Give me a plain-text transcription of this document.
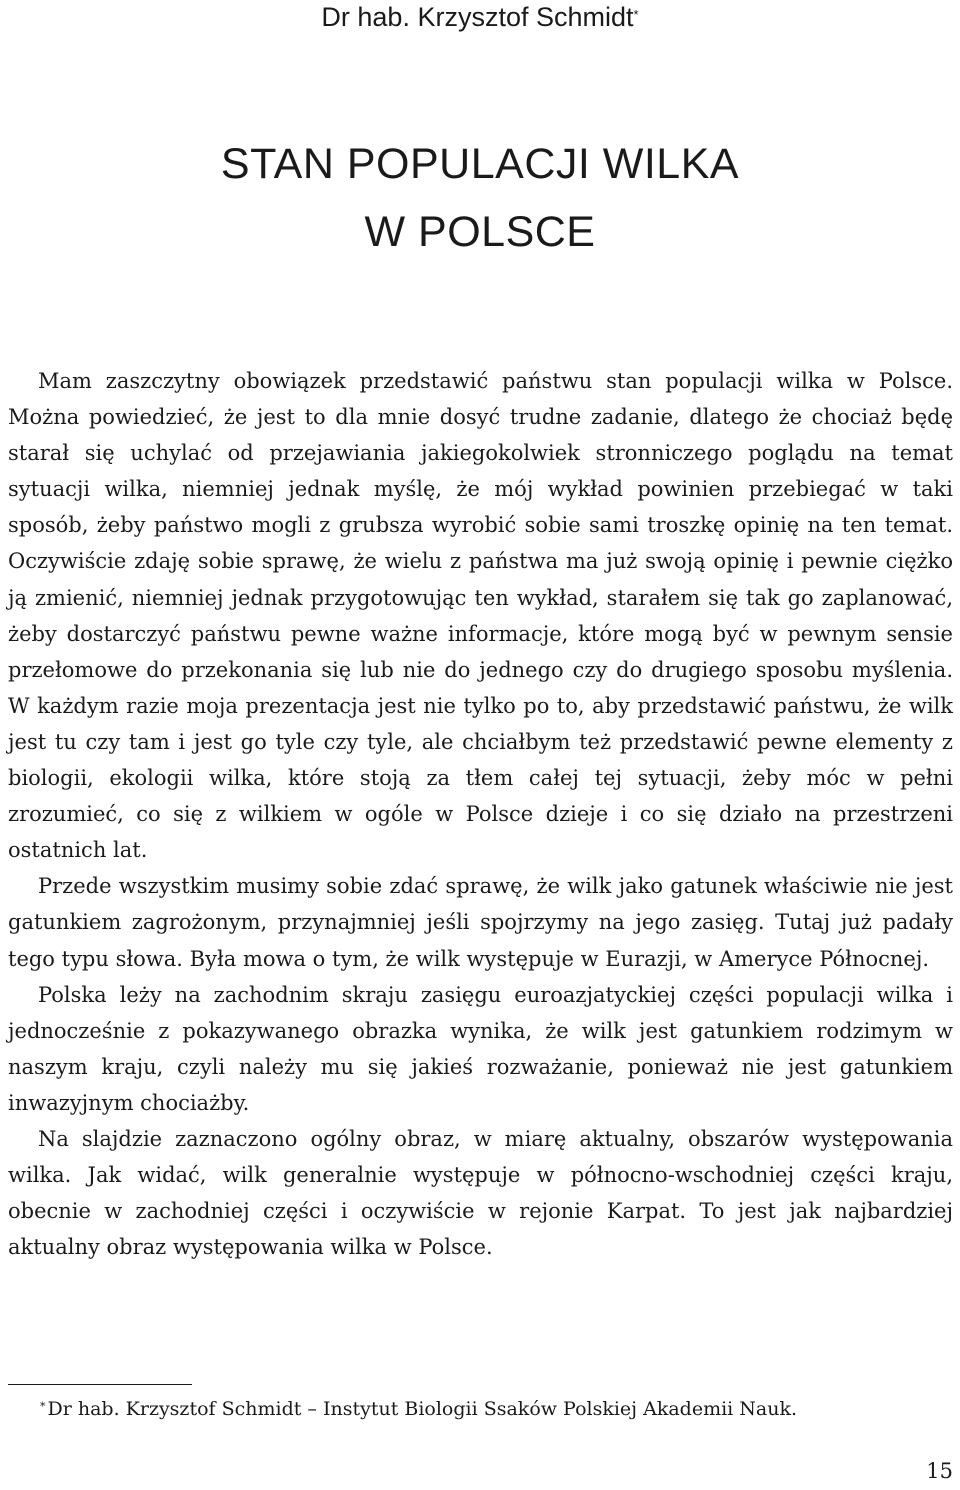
Dr hab. Krzysztof Schmidt*
STAN POPULACJI WILKA
W POLSCE

Mam zaszczytny obowiązek przedstawić państwu stan populacji wilka w Polsce. Można powiedzieć, że jest to dla mnie dosyć trudne zadanie, dlatego że chociaż będę starał się uchylać od przejawiania jakiegokolwiek stronniczego poglądu na temat sytuacji wilka, niemniej jednak myślę, że mój wykład powinien przebiegać w taki sposób, żeby państwo mogli z grubsza wyrobić sobie sami troszkę opinię na ten temat. Oczywiście zdaję sobie sprawę, że wielu z państwa ma już swoją opinię i pewnie ciężko ją zmienić, niemniej jednak przygotowując ten wykład, starałem się tak go zaplanować, żeby dostarczyć państwu pewne ważne informacje, które mogą być w pewnym sensie przełomowe do przekonania się lub nie do jednego czy do drugiego sposobu myślenia. W każdym razie moja prezentacja jest nie tylko po to, aby przedstawić państwu, że wilk jest tu czy tam i jest go tyle czy tyle, ale chciałbym też przedstawić pewne elementy z biologii, ekologii wilka, które stoją za tłem całej tej sytuacji, żeby móc w pełni zrozumieć, co się z wilkiem w ogóle w Polsce dzieje i co się działo na przestrzeni ostatnich lat.

Przede wszystkim musimy sobie zdać sprawę, że wilk jako gatunek właściwie nie jest gatunkiem zagrożonym, przynajmniej jeśli spojrzymy na jego zasięg. Tutaj już padały tego typu słowa. Była mowa o tym, że wilk występuje w Eurazji, w Ameryce Północnej.

Polska leży na zachodnim skraju zasięgu euroazjatyckiej części populacji wilka i jednocześnie z pokazywanego obrazka wynika, że wilk jest gatunkiem rodzimym w naszym kraju, czyli należy mu się jakieś rozważanie, ponieważ nie jest gatunkiem inwazyjnym chociażby.

Na slajdzie zaznaczono ogólny obraz, w miarę aktualny, obszarów występowania wilka. Jak widać, wilk generalnie występuje w północno-wschodniej części kraju, obecnie w zachodniej części i oczywiście w rejonie Karpat. To jest jak najbardziej aktualny obraz występowania wilka w Polsce.

* Dr hab. Krzysztof Schmidt – Instytut Biologii Ssaków Polskiej Akademii Nauk.
15
